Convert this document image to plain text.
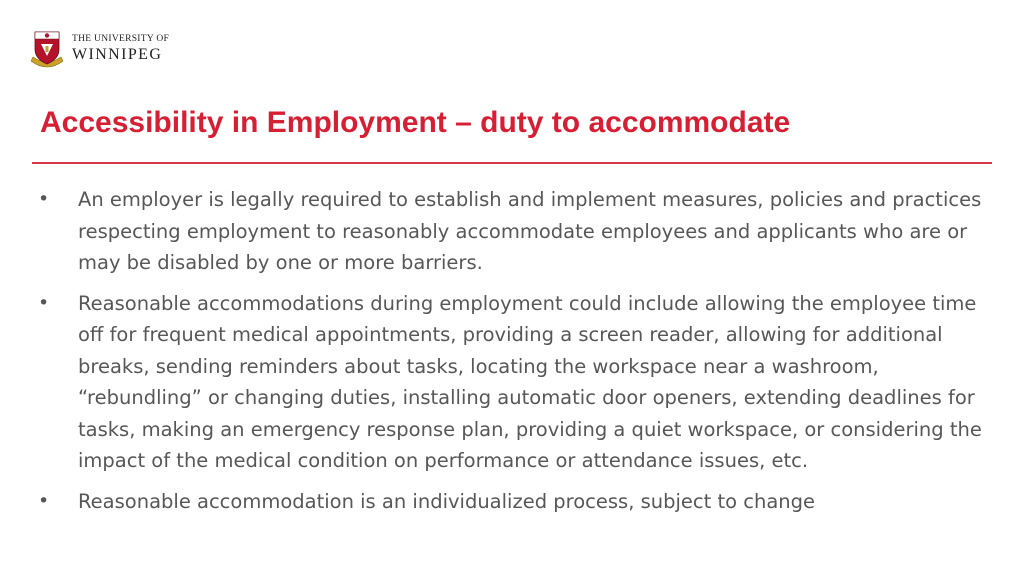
THE UNIVERSITY OF
WINNIPEG
Accessibility in Employment – duty to accommodate
• An employer is legally required to establish and implement measures, policies and practices respecting employment to reasonably accommodate employees and applicants who are or may be disabled by one or more barriers.
• Reasonable accommodations during employment could include allowing the employee time off for frequent medical appointments, providing a screen reader, allowing for additional breaks, sending reminders about tasks, locating the workspace near a washroom, “rebundling” or changing duties, installing automatic door openers, extending deadlines for tasks, making an emergency response plan, providing a quiet workspace, or considering the impact of the medical condition on performance or attendance issues, etc.
• Reasonable accommodation is an individualized process, subject to change
